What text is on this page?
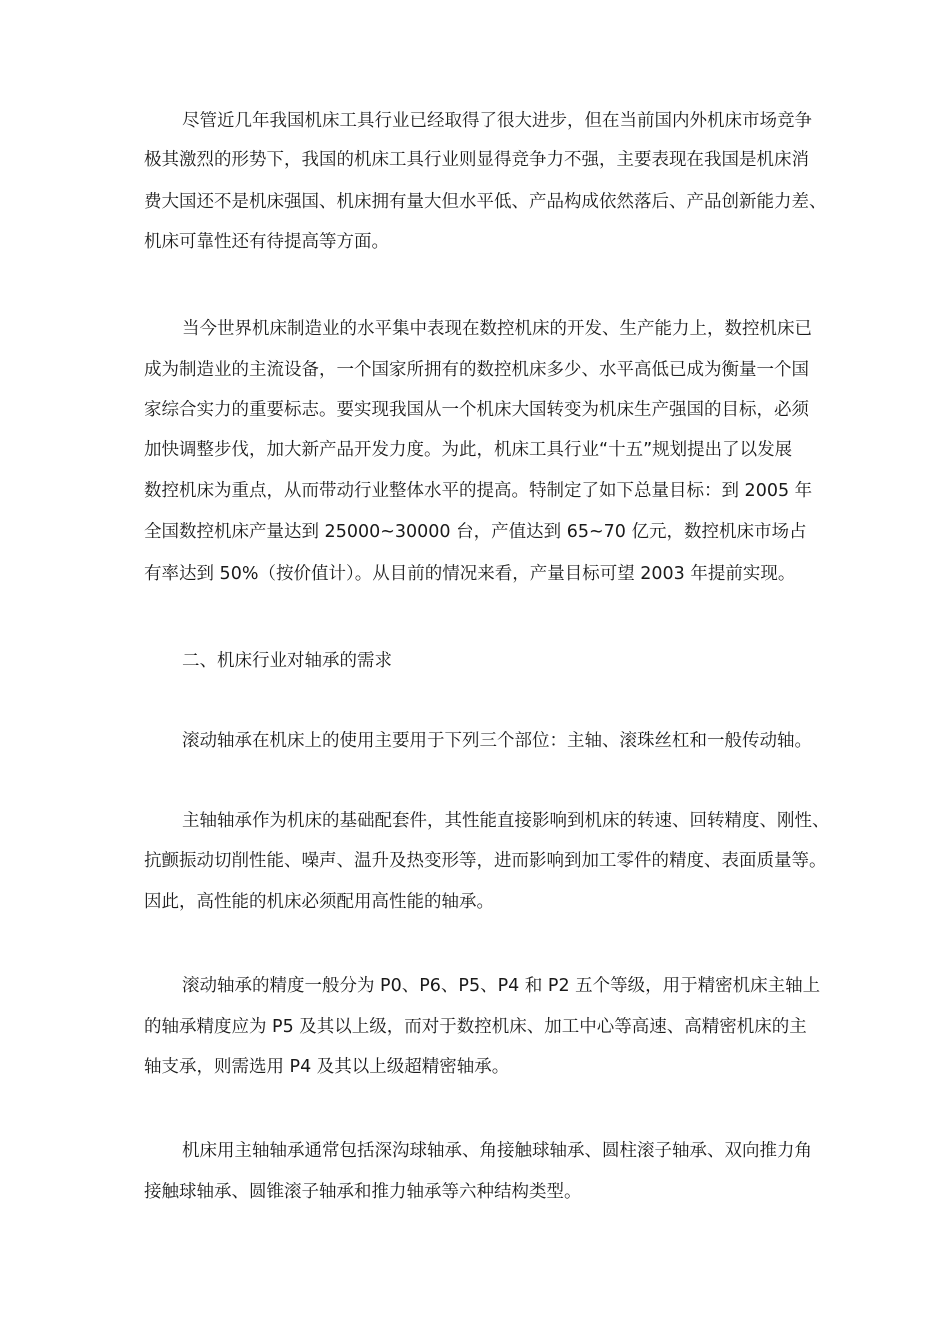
尽管近几年我国机床工具行业已经取得了很大进步，但在当前国内外机床市场竞争
极其激烈的形势下，我国的机床工具行业则显得竞争力不强，主要表现在我国是机床消
费大国还不是机床强国、机床拥有量大但水平低、产品构成依然落后、产品创新能力差、
机床可靠性还有待提高等方面。
当今世界机床制造业的水平集中表现在数控机床的开发、生产能力上，数控机床已
成为制造业的主流设备，一个国家所拥有的数控机床多少、水平高低已成为衡量一个国
家综合实力的重要标志。要实现我国从一个机床大国转变为机床生产强国的目标，必须
加快调整步伐，加大新产品开发力度。为此，机床工具行业“十五”规划提出了以发展
数控机床为重点，从而带动行业整体水平的提高。特制定了如下总量目标：到 2005 年
全国数控机床产量达到 25000~30000 台，产值达到 65~70 亿元，数控机床市场占
有率达到 50%（按价值计）。从目前的情况来看，产量目标可望 2003 年提前实现。
二、机床行业对轴承的需求
滚动轴承在机床上的使用主要用于下列三个部位：主轴、滚珠丝杠和一般传动轴。
主轴轴承作为机床的基础配套件，其性能直接影响到机床的转速、回转精度、刚性、
抗颤振动切削性能、噪声、温升及热变形等，进而影响到加工零件的精度、表面质量等。
因此，高性能的机床必须配用高性能的轴承。
滚动轴承的精度一般分为 P0、P6、P5、P4 和 P2 五个等级，用于精密机床主轴上
的轴承精度应为 P5 及其以上级，而对于数控机床、加工中心等高速、高精密机床的主
轴支承，则需选用 P4 及其以上级超精密轴承。
机床用主轴轴承通常包括深沟球轴承、角接触球轴承、圆柱滚子轴承、双向推力角
接触球轴承、圆锥滚子轴承和推力轴承等六种结构类型。
